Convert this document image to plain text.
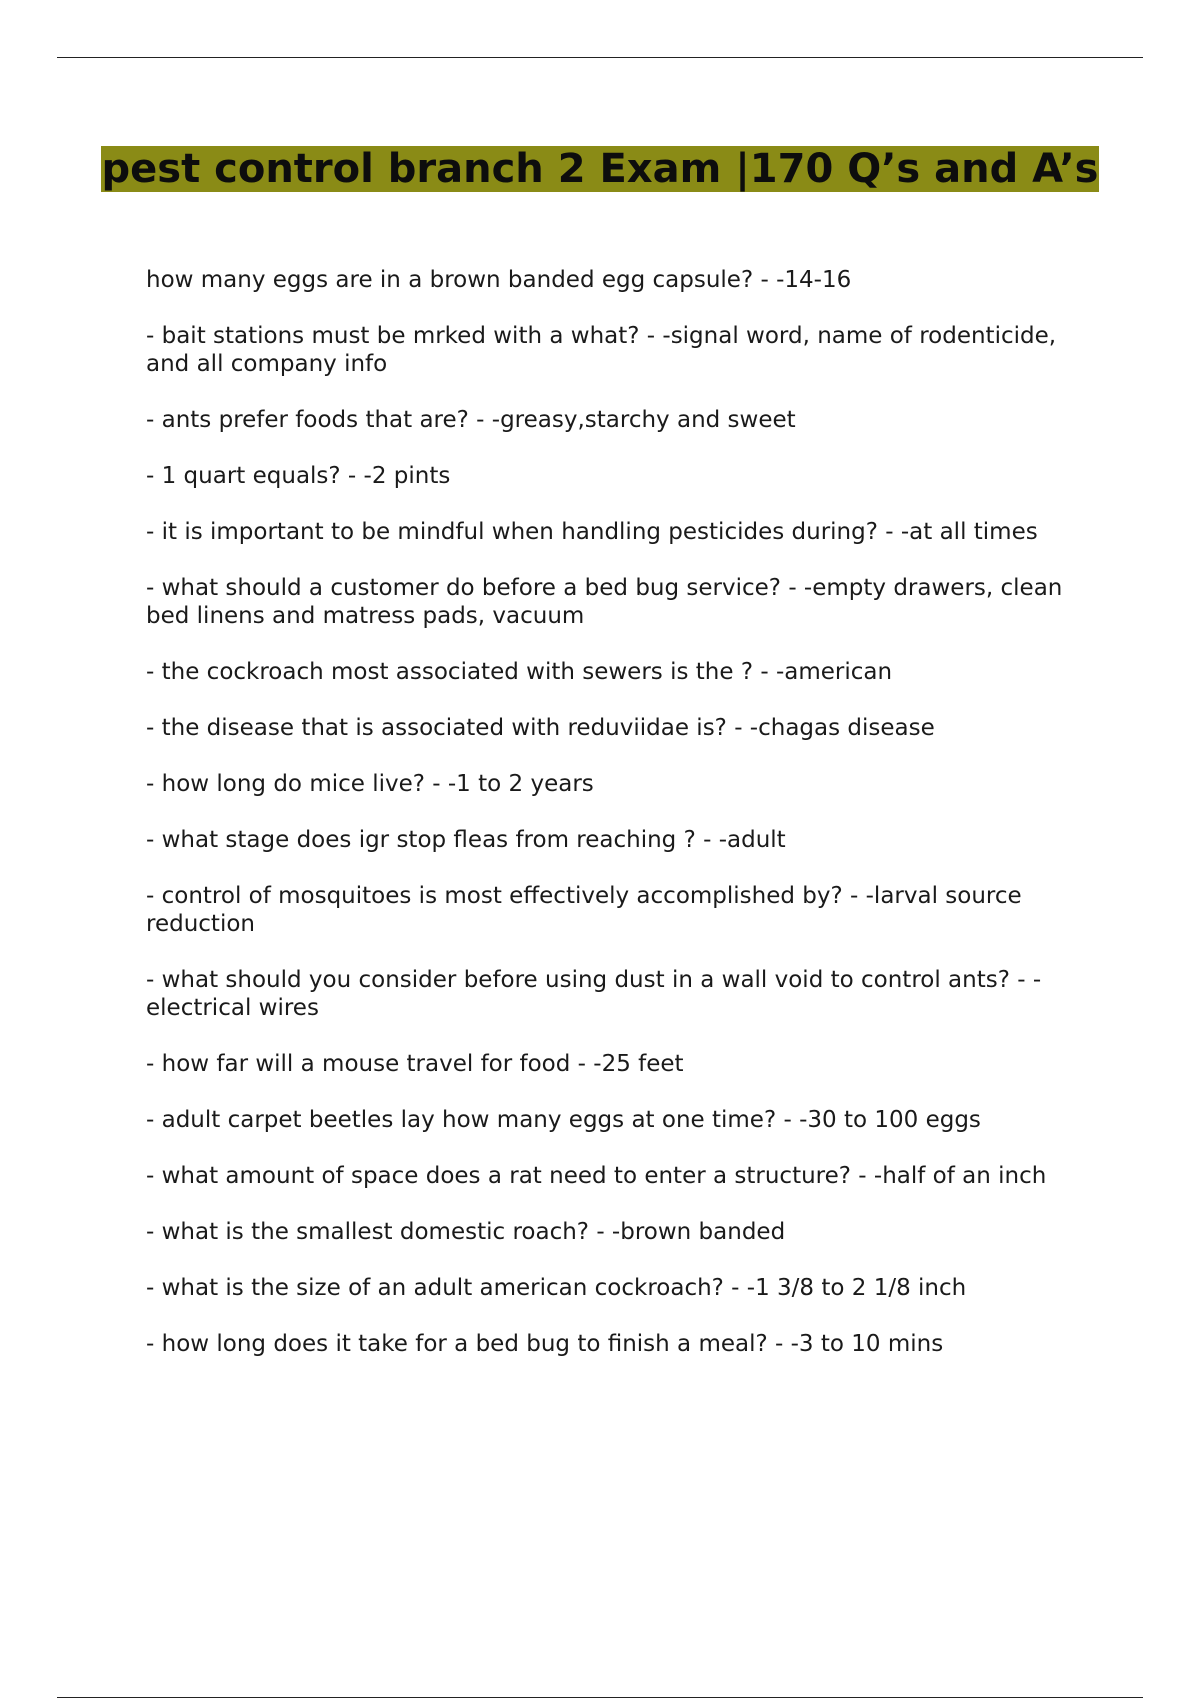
pest control branch 2 Exam |170 Q’s and A’s
how many eggs are in a brown banded egg capsule? - -14-16
- bait stations must be mrked with a what? - -signal word, name of rodenticide, and all company info
- ants prefer foods that are? - -greasy,starchy and sweet
- 1 quart equals? - -2 pints
- it is important to be mindful when handling pesticides during? - -at all times
- what should a customer do before a bed bug service? - -empty drawers, clean bed linens and matress pads, vacuum
- the cockroach most associated with sewers is the ? - -american
- the disease that is associated with reduviidae is? - -chagas disease
- how long do mice live? - -1 to 2 years
- what stage does igr stop fleas from reaching ? - -adult
- control of mosquitoes is most effectively accomplished by? - -larval source reduction
- what should you consider before using dust in a wall void to control ants? - -electrical wires
- how far will a mouse travel for food - -25 feet
- adult carpet beetles lay how many eggs at one time? - -30 to 100 eggs
- what amount of space does a rat need to enter a structure? - -half of an inch
- what is the smallest domestic roach? - -brown banded
- what is the size of an adult american cockroach? - -1 3/8 to 2 1/8 inch
- how long does it take for a bed bug to finish a meal? - -3 to 10 mins
